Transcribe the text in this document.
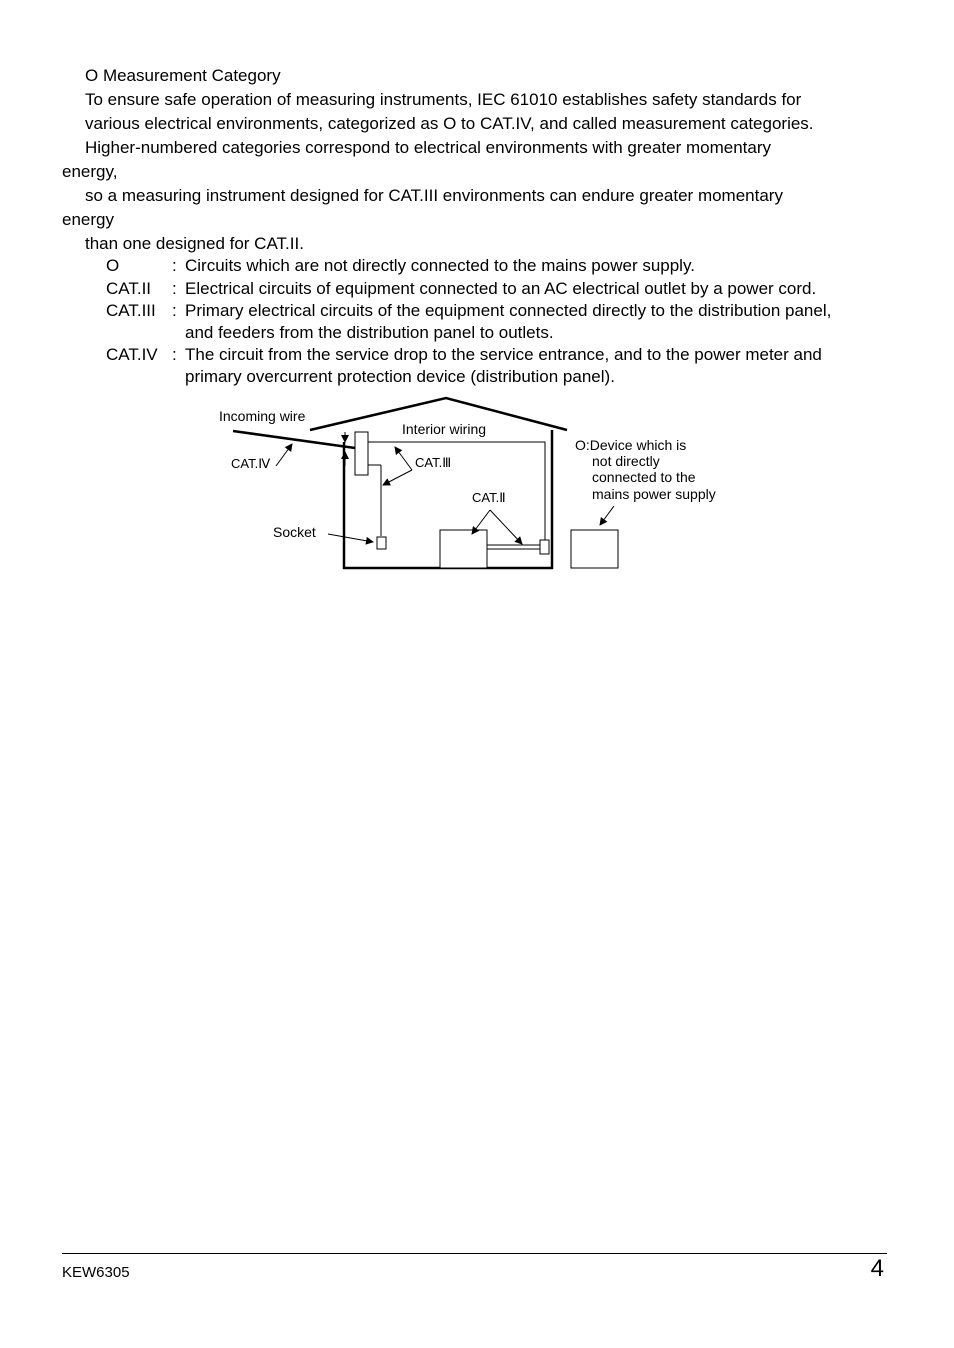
O Measurement Category
To ensure safe operation of measuring instruments, IEC 61010 establishes safety standards for
various electrical environments, categorized as O to CAT.IV, and called measurement categories.
Higher-numbered categories correspond to electrical environments with greater momentary
energy,
so a measuring instrument designed for CAT.III environments can endure greater momentary
energy
than one designed for CAT.II.
O	: Circuits which are not directly connected to the mains power supply.
CAT.II : Electrical circuits of equipment connected to an AC electrical outlet by a power cord.
CAT.III : Primary electrical circuits of the equipment connected directly to the distribution panel,
and feeders from the distribution panel to outlets.
CAT.IV : The circuit from the service drop to the service entrance, and to the power meter and
primary overcurrent protection device (distribution panel).
Incoming wire
Interior wiring
CAT.Ⅳ	CAT.Ⅲ
CAT.Ⅱ
Socket
O:Device which is
not directly
connected to the
mains power supply
KEW6305	4
